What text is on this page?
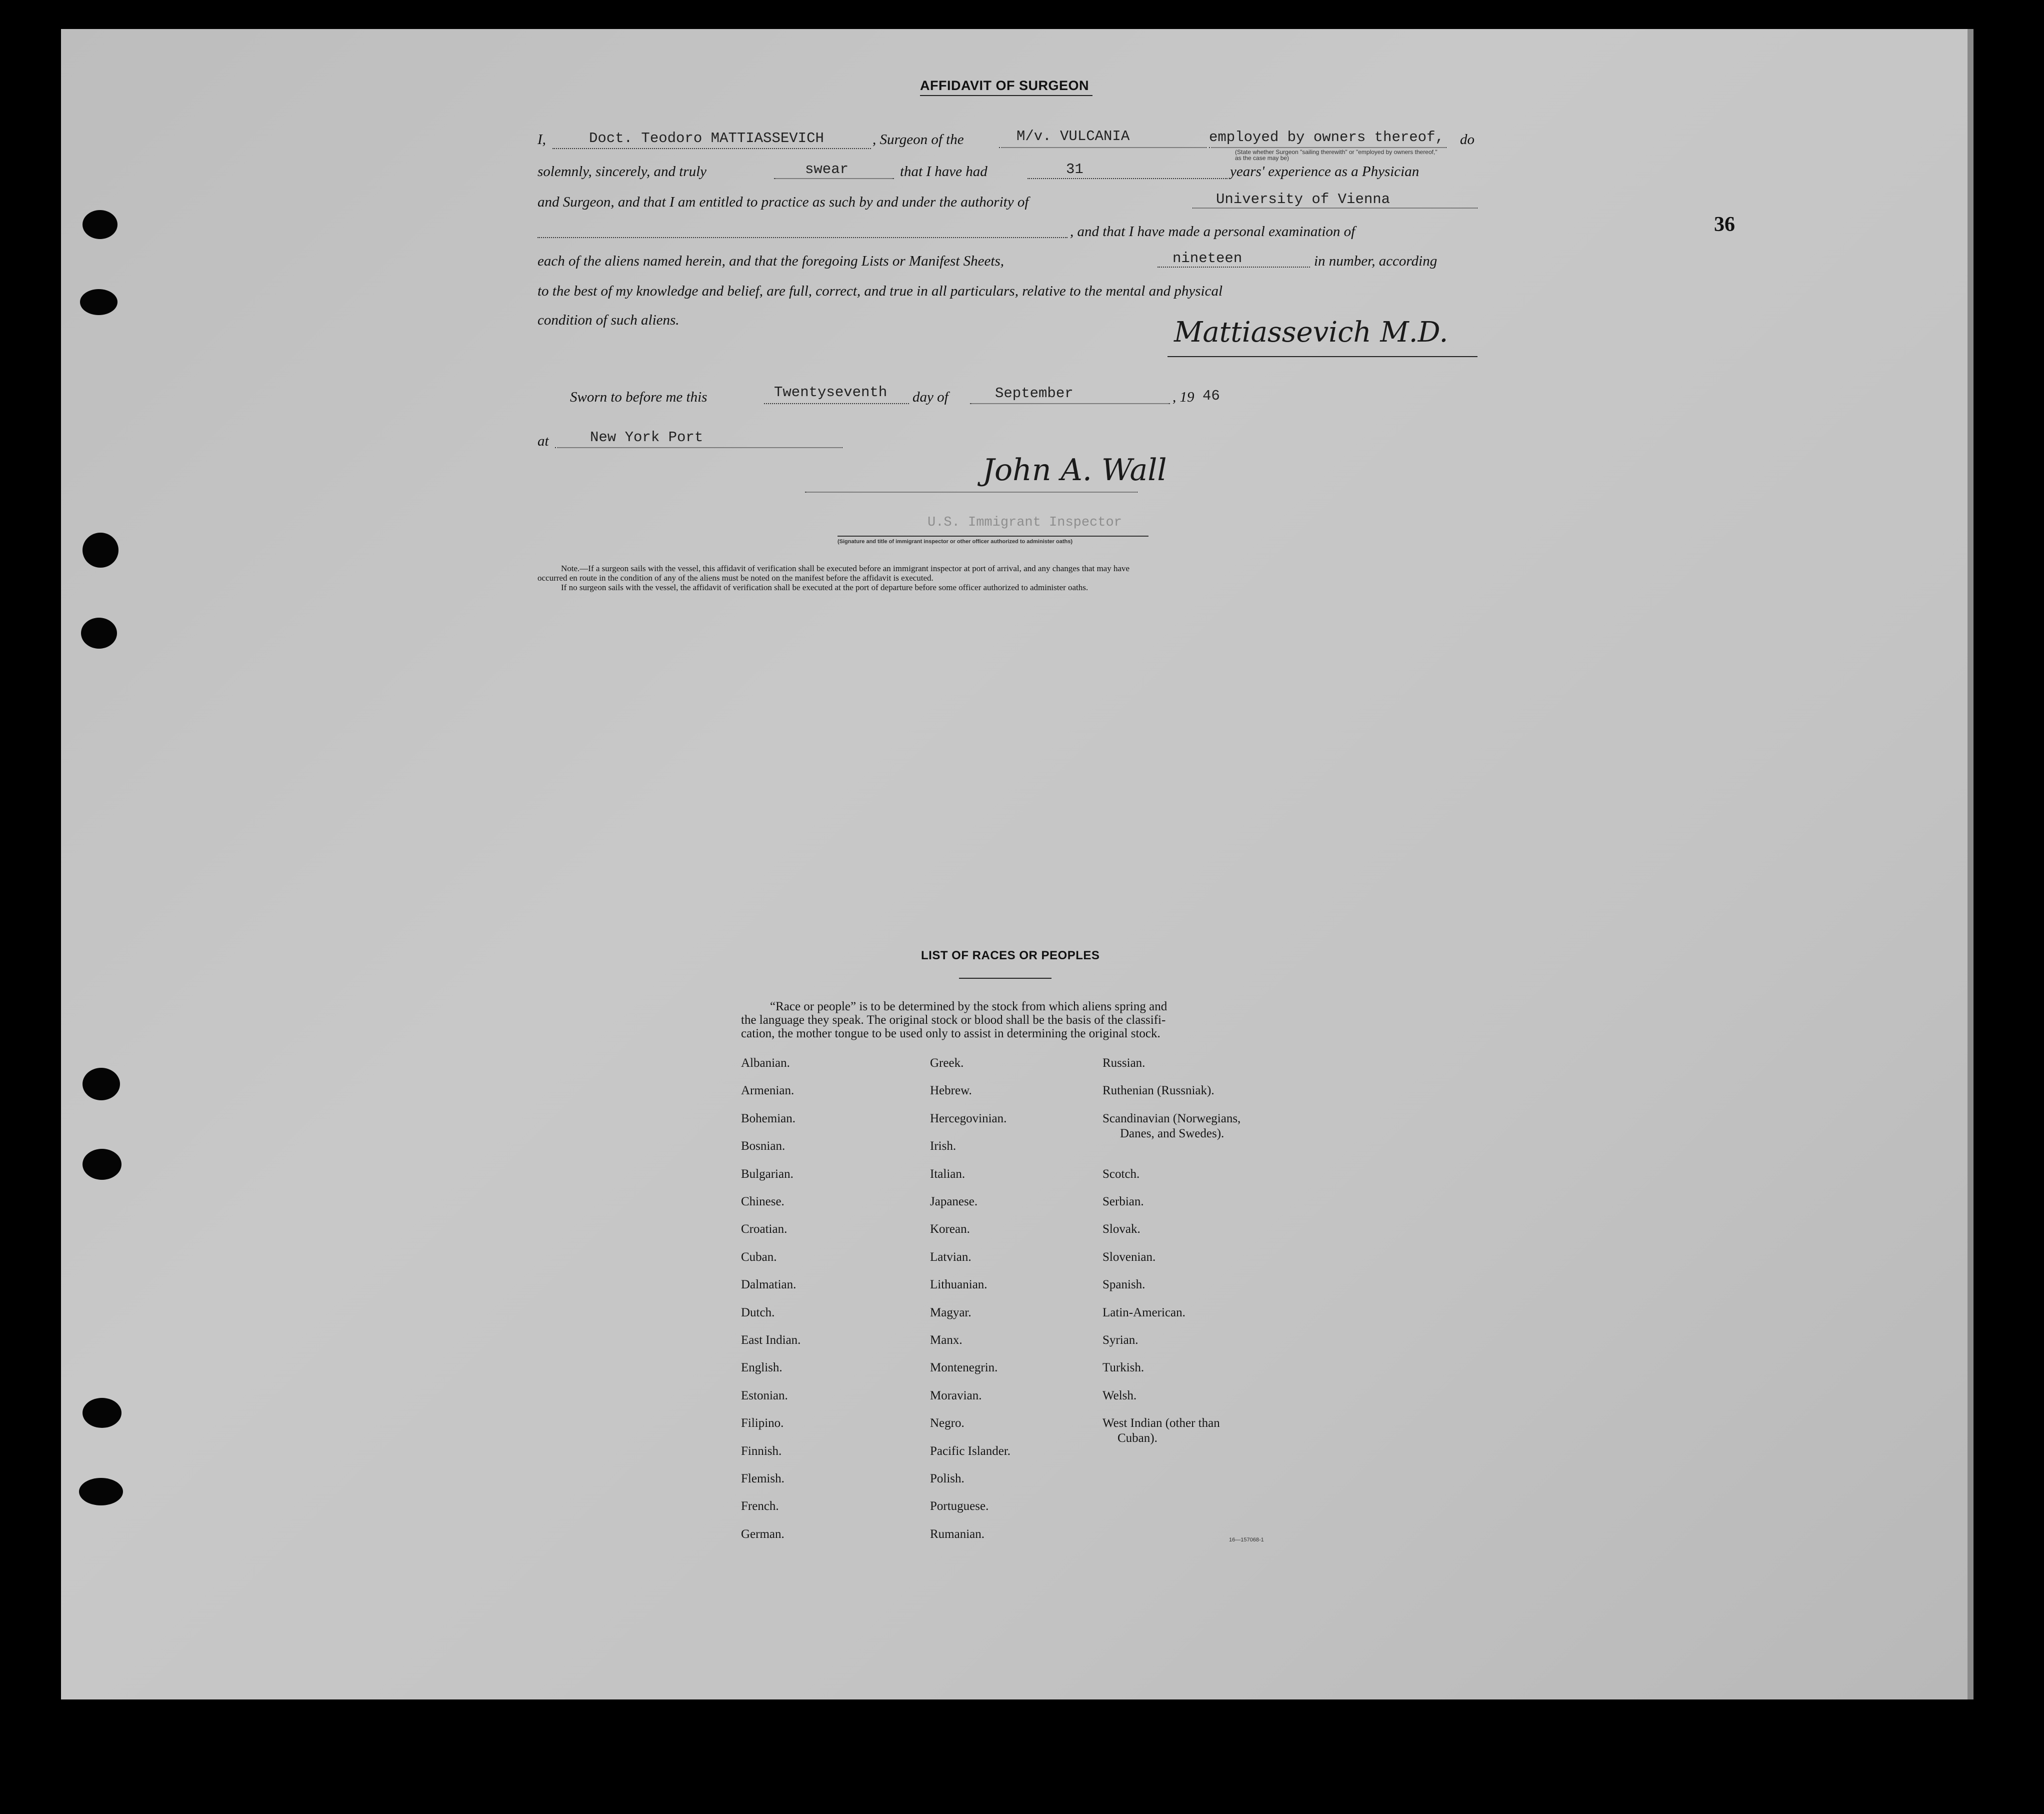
36
AFFIDAVIT OF SURGEON
I,	Doct. Teodoro MATTIASSEVICH	, Surgeon of the	M/v. VULCANIA	employed by owners thereof, do
(State whether Surgeon "sailing therewith" or "employed by owners thereof," as the case may be)
solemnly, sincerely, and truly	swear	that I have had	31	years' experience as a Physician
and Surgeon, and that I am entitled to practice as such by and under the authority of	University of Vienna
, and that I have made a personal examination of
each of the aliens named herein, and that the foregoing Lists or Manifest Sheets,	nineteen	in number, according
to the best of my knowledge and belief, are full, correct, and true in all particulars, relative to the mental and physical
condition of such aliens.	Mattiassevich M.D.
Sworn to before me this	Twentyseventh day of	September	, 19 46
at	New York Port
John A. Wall
U.S. Immigrant Inspector
(Signature and title of immigrant inspector or other officer authorized to administer oaths)
Note.—If a surgeon sails with the vessel, this affidavit of verification shall be executed before an immigrant inspector at port of arrival, and any changes that may have
occurred en route in the condition of any of the aliens must be noted on the manifest before the affidavit is executed.
If no surgeon sails with the vessel, the affidavit of verification shall be executed at the port of departure before some officer authorized to administer oaths.
LIST OF RACES OR PEOPLES
“Race or people” is to be determined by the stock from which aliens spring and
the language they speak. The original stock or blood shall be the basis of the classifi-
cation, the mother tongue to be used only to assist in determining the original stock.
Albanian.
Armenian.
Bohemian.
Bosnian.
Bulgarian.
Chinese.
Croatian.
Cuban.
Dalmatian.
Dutch.
East Indian.
English.
Estonian.
Filipino.
Finnish.
Flemish.
French.
German.
Greek.
Hebrew.
Hercegovinian.
Irish.
Italian.
Japanese.
Korean.
Latvian.
Lithuanian.
Magyar.
Manx.
Montenegrin.
Moravian.
Negro.
Pacific Islander.
Polish.
Portuguese.
Rumanian.
Russian.
Ruthenian (Russniak).
Scandinavian (Norwegians,
Danes, and Swedes).
Scotch.
Serbian.
Slovak.
Slovenian.
Spanish.
Latin-American.
Syrian.
Turkish.
Welsh.
West Indian (other than
Cuban).
16—157068-1
